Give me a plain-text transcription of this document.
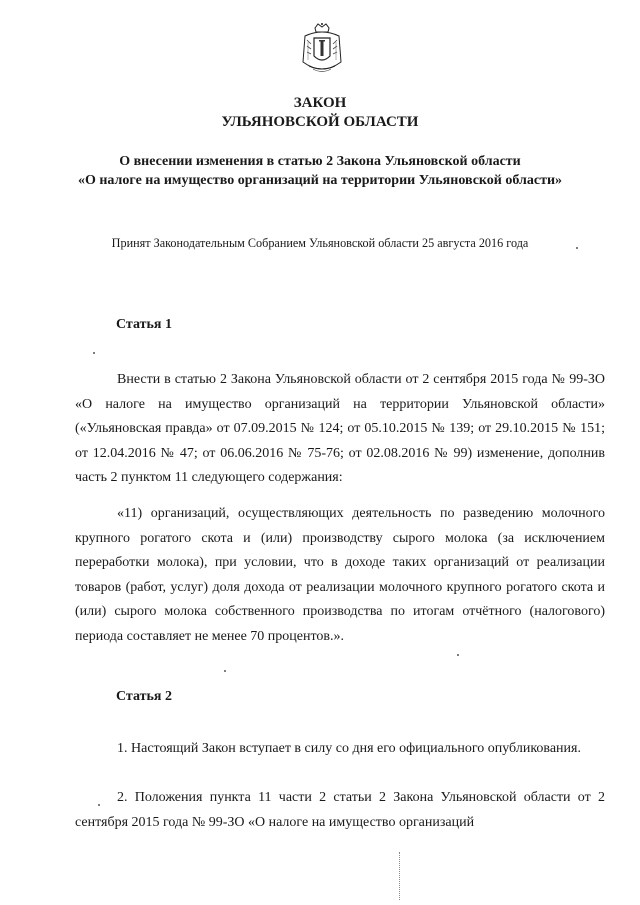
ЗАКОН
УЛЬЯНОВСКОЙ ОБЛАСТИ
О внесении изменения в статью 2 Закона Ульяновской области
«О налоге на имущество организаций на территории Ульяновской области»
Принят Законодательным Собранием Ульяновской области 25 августа 2016 года
Статья 1

Внести в статью 2 Закона Ульяновской области от 2 сентября 2015 года № 99-ЗО «О налоге на имущество организаций на территории Ульяновской области» («Ульяновская правда» от 07.09.2015 № 124; от 05.10.2015 № 139; от 29.10.2015 № 151; от 12.04.2016 № 47; от 06.06.2016 № 75-76; от 02.08.2016 № 99) изменение, дополнив часть 2 пунктом 11 следующего содержания:

«11) организаций, осуществляющих деятельность по разведению молочного крупного рогатого скота и (или) производству сырого молока (за исключением переработки молока), при условии, что в доходе таких организаций от реализации товаров (работ, услуг) доля дохода от реализации молочного крупного рогатого скота и (или) сырого молока собственного производства по итогам отчётного (налогового) периода составляет не менее 70 процентов.».

Статья 2

1. Настоящий Закон вступает в силу со дня его официального опубликования.

2. Положения пункта 11 части 2 статьи 2 Закона Ульяновской области от 2 сентября 2015 года № 99-ЗО «О налоге на имущество организаций
